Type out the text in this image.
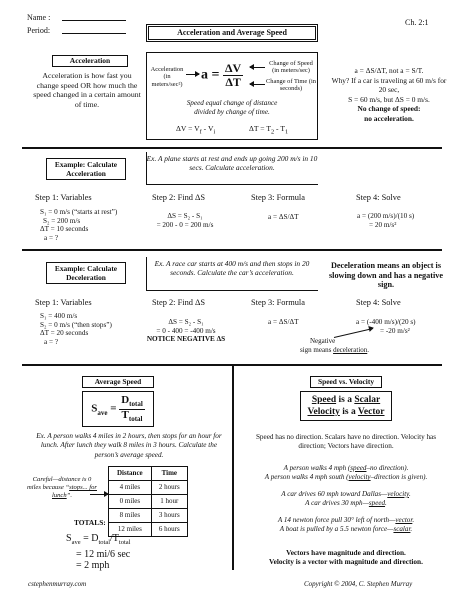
Name :
Period:
Ch. 2:1
Acceleration and Average Speed
Acceleration
Acceleration is how fast you change speed OR how much the speed changed in a certain amount of time.
Acceleration (in meters/sec²)
$a = \frac{\Delta V}{\Delta T}$	Change of Speed (in meters/sec)
Change of Time (in seconds)
Speed equal change of distance divided by change of time.
$\Delta V = V_f - V_i$	$\Delta T = T_2 - T_1$
a = ΔS/ΔT, not a = S/T.
Why? If a car is traveling at 60 m/s for 20 sec,
S = 60 m/s, but ΔS = 0 m/s.
No change of speed:
no acceleration.
Example: Calculate Acceleration
Ex. A plane starts at rest and ends up going 200 m/s in 10 secs. Calculate acceleration.
Step 1: Variables
S₁ = 0 m/s (“starts at rest”)
S₂ = 200 m/s
ΔT = 10 seconds
a = ?
Step 2: Find ΔS
ΔS = S₂ - S₁
= 200 - 0 = 200 m/s
Step 3: Formula
a = ΔS/ΔT
Step 4: Solve
a = (200 m/s)/(10 s)
= 20 m/s²
Example: Calculate Deceleration
Ex. A race car starts at 400 m/s and then stops in 20 seconds. Calculate the car’s acceleration.
Deceleration means an object is slowing down and has a negative sign.
Step 1: Variables
S₁ = 400 m/s
S₂ = 0 m/s (“then stops”)
ΔT = 20 seconds
a = ?
Step 2: Find ΔS
ΔS = S₂ - S₁
= 0 - 400 = -400 m/s
NOTICE NEGATIVE ΔS
Step 3: Formula
a = ΔS/ΔT
Step 4: Solve
a = (-400 m/s)/(20 s)
= -20 m/s²
Negative
sign means deceleration.
Average Speed
$S_{ave} = \frac{D_{total}}{T_{total}}$
Ex. A person walks 4 miles in 2 hours, then stops for an hour for lunch. After lunch they walk 8 miles in 3 hours. Calculate the person’s average speed.
Careful—distance is 0 miles because “stops... for lunch”.
Distance	Time
4 miles	2 hours
0 miles	1 hour
8 miles	3 hours
12 miles	6 hours
TOTALS:
$S_{ave} = D_{total}/T_{total}$
= 12 mi/6 sec
= 2 mph
Speed vs. Velocity
Speed is a Scalar
Velocity is a Vector
Speed has no direction. Scalars have no direction. Velocity has direction; Vectors have direction.
A person walks 4 mph (speed–no direction).
A person walks 4 mph south (velocity–direction is given).
A car drives 60 mph toward Dallas—velocity.
A car drives 30 mph—speed.
A 14 newton force pull 30° left of north—vector.
A boat is pulled by a 5.5 newton force—scalar.
Vectors have magnitude and direction.
Velocity is a vector with magnitude and direction.
cstephenmurray.com	Copyright © 2004, C. Stephen Murray
